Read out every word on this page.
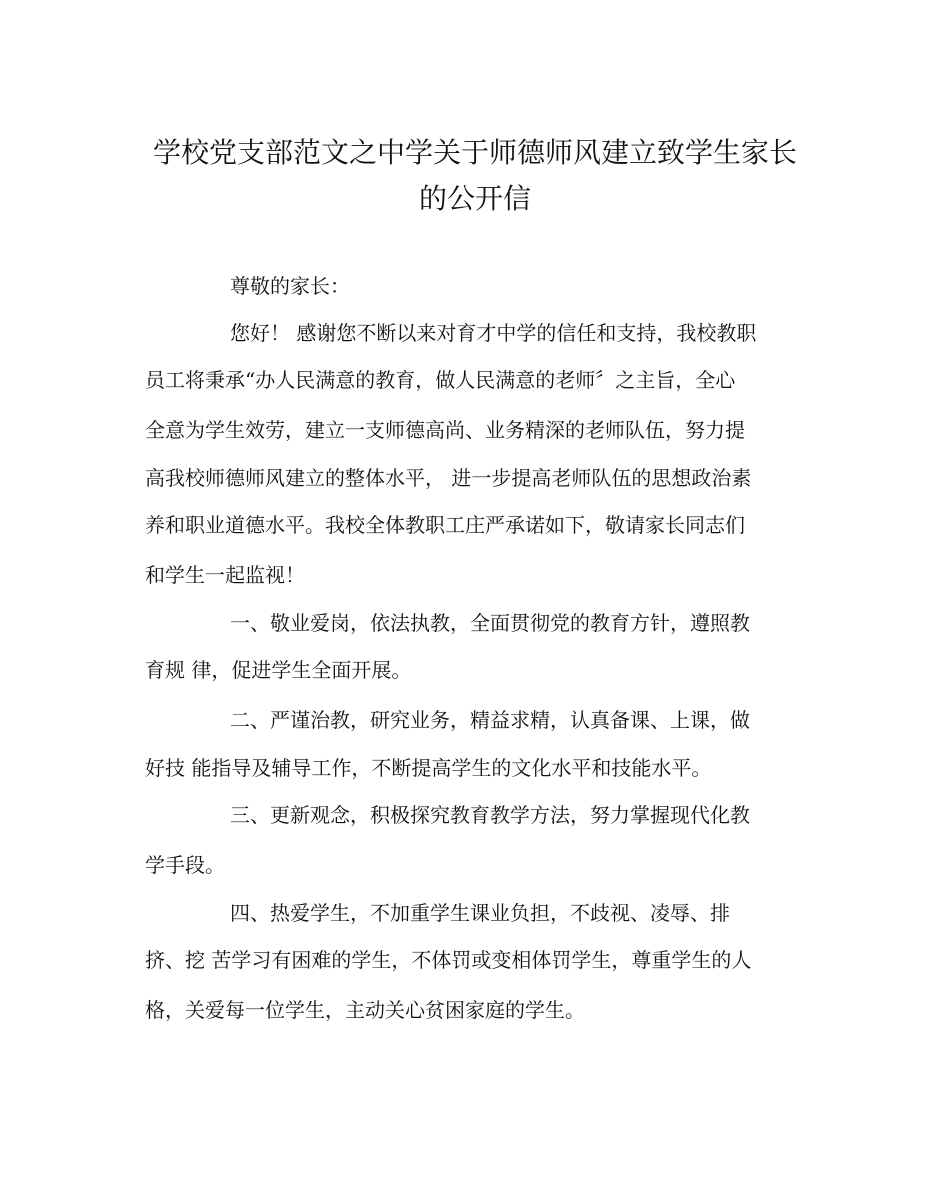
学校党支部范文之中学关于师德师风建立致学生家长
的公开信

尊敬的家长：

您好！ 感谢您不断以来对育才中学的信任和支持，我校教职

员工将秉承“办人民满意的教育，做人民满意的老师〞之主旨，全心

全意为学生效劳，建立一支师德高尚、业务精深的老师队伍，努力提

高我校师德师风建立的整体水平， 进一步提高老师队伍的思想政治素

养和职业道德水平。我校全体教职工庄严承诺如下，敬请家长同志们

和学生一起监视！

一、敬业爱岗，依法执教，全面贯彻党的教育方针，遵照教

育规 律，促进学生全面开展。

二、严谨治教，研究业务，精益求精，认真备课、上课，做

好技 能指导及辅导工作，不断提高学生的文化水平和技能水平。

三、更新观念，积极探究教育教学方法，努力掌握现代化教

学手段。

四、热爱学生，不加重学生课业负担，不歧视、凌辱、排

挤、挖 苦学习有困难的学生，不体罚或变相体罚学生，尊重学生的人

格，关爱每一位学生，主动关心贫困家庭的学生。
